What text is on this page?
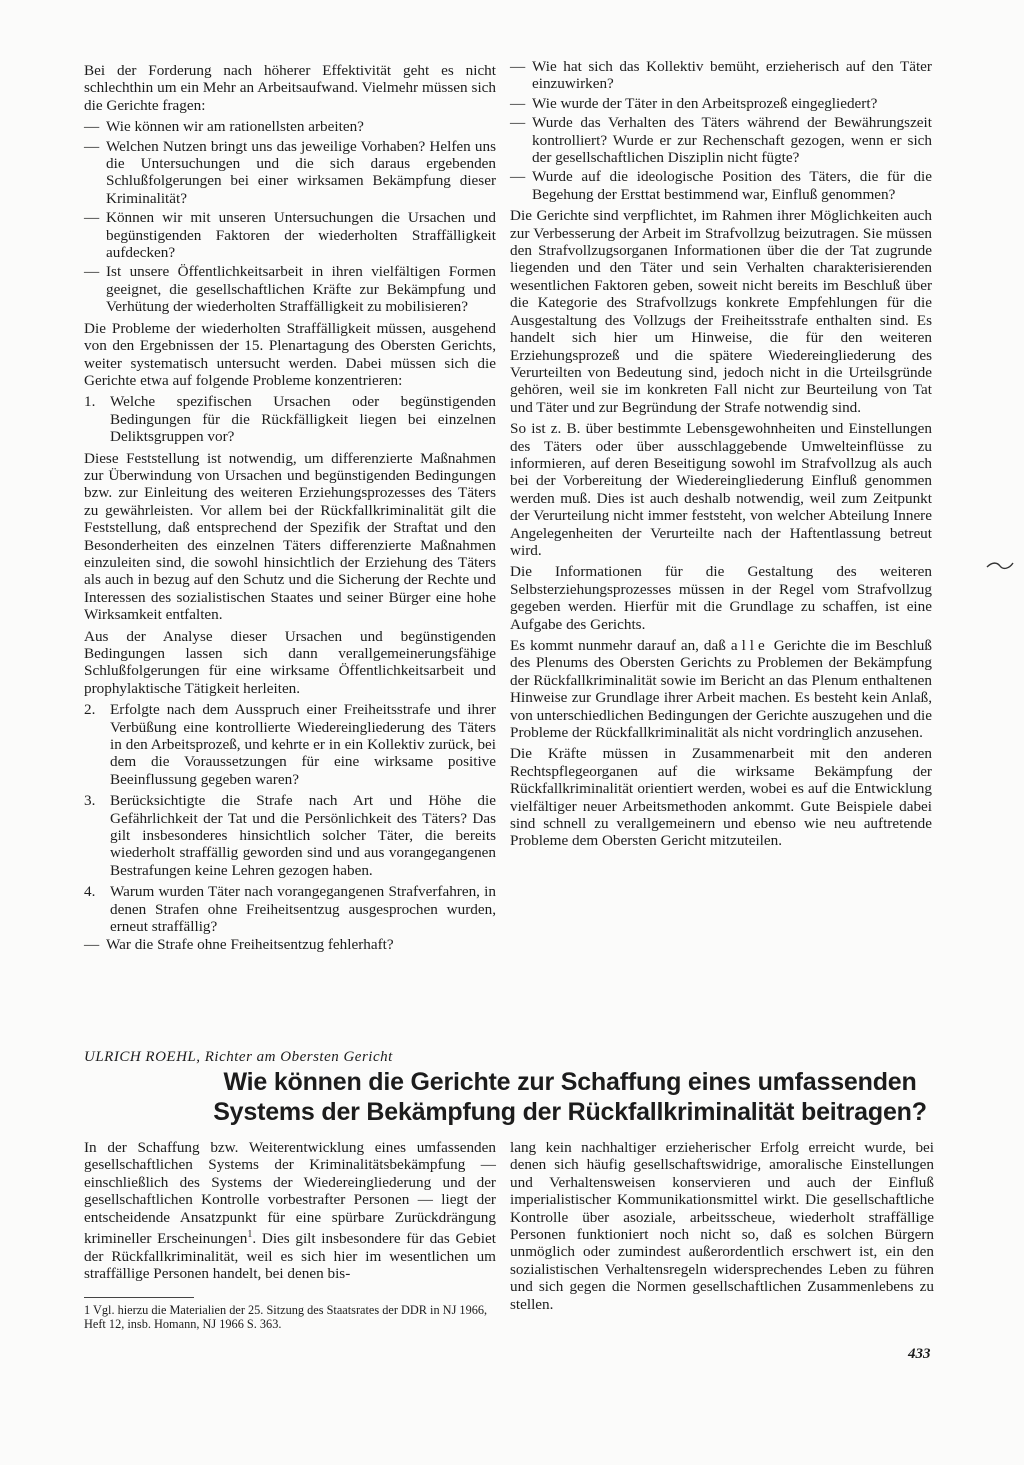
Bei der Forderung nach höherer Effektivität geht es nicht schlechthin um ein Mehr an Arbeitsaufwand. Vielmehr müssen sich die Gerichte fragen:

— Wie können wir am rationellsten arbeiten?
— Welchen Nutzen bringt uns das jeweilige Vorhaben? Helfen uns die Untersuchungen und die sich daraus ergebenden Schlußfolgerungen bei einer wirksamen Bekämpfung dieser Kriminalität?
— Können wir mit unseren Untersuchungen die Ursachen und begünstigenden Faktoren der wiederholten Straffälligkeit aufdecken?
— Ist unsere Öffentlichkeitsarbeit in ihren vielfältigen Formen geeignet, die gesellschaftlichen Kräfte zur Bekämpfung und Verhütung der wiederholten Straffälligkeit zu mobilisieren?

Die Probleme der wiederholten Straffälligkeit müssen, ausgehend von den Ergebnissen der 15. Plenartagung des Obersten Gerichts, weiter systematisch untersucht werden. Dabei müssen sich die Gerichte etwa auf folgende Probleme konzentrieren:

1. Welche spezifischen Ursachen oder begünstigenden Bedingungen für die Rückfälligkeit liegen bei einzelnen Deliktsgruppen vor?

Diese Feststellung ist notwendig, um differenzierte Maßnahmen zur Überwindung von Ursachen und begünstigenden Bedingungen bzw. zur Einleitung des weiteren Erziehungsprozesses des Täters zu gewährleisten. Vor allem bei der Rückfallkriminalität gilt die Feststellung, daß entsprechend der Spezifik der Straftat und den Besonderheiten des einzelnen Täters differenzierte Maßnahmen einzuleiten sind, die sowohl hinsichtlich der Erziehung des Täters als auch in bezug auf den Schutz und die Sicherung der Rechte und Interessen des sozialistischen Staates und seiner Bürger eine hohe Wirksamkeit entfalten.

Aus der Analyse dieser Ursachen und begünstigenden Bedingungen lassen sich dann verallgemeinerungsfähige Schlußfolgerungen für eine wirksame Öffentlichkeitsarbeit und prophylaktische Tätigkeit herleiten.

2. Erfolgte nach dem Ausspruch einer Freiheitsstrafe und ihrer Verbüßung eine kontrollierte Wiedereingliederung des Täters in den Arbeitsprozeß, und kehrte er in ein Kollektiv zurück, bei dem die Voraussetzungen für eine wirksame positive Beeinflussung gegeben waren?
3. Berücksichtigte die Strafe nach Art und Höhe die Gefährlichkeit der Tat und die Persönlichkeit des Täters? Das gilt insbesonderes hinsichtlich solcher Täter, die bereits wiederholt straffällig geworden sind und aus vorangegangenen Bestrafungen keine Lehren gezogen haben.
4. Warum wurden Täter nach vorangegangenen Strafverfahren, in denen Strafen ohne Freiheitsentzug ausgesprochen wurden, erneut straffällig?
— War die Strafe ohne Freiheitsentzug fehlerhaft?
— Wie hat sich das Kollektiv bemüht, erzieherisch auf den Täter einzuwirken?
— Wie wurde der Täter in den Arbeitsprozeß eingegliedert?
— Wurde das Verhalten des Täters während der Bewährungszeit kontrolliert? Wurde er zur Rechenschaft gezogen, wenn er sich der gesellschaftlichen Disziplin nicht fügte?
— Wurde auf die ideologische Position des Täters, die für die Begehung der Ersttat bestimmend war, Einfluß genommen?

Die Gerichte sind verpflichtet, im Rahmen ihrer Möglichkeiten auch zur Verbesserung der Arbeit im Strafvollzug beizutragen. Sie müssen den Strafvollzugsorganen Informationen über die der Tat zugrunde liegenden und den Täter und sein Verhalten charakterisierenden wesentlichen Faktoren geben, soweit nicht bereits im Beschluß über die Kategorie des Strafvollzugs konkrete Empfehlungen für die Ausgestaltung des Vollzugs der Freiheitsstrafe enthalten sind. Es handelt sich hier um Hinweise, die für den weiteren Erziehungsprozeß und die spätere Wiedereingliederung des Verurteilten von Bedeutung sind, jedoch nicht in die Urteilsgründe gehören, weil sie im konkreten Fall nicht zur Beurteilung von Tat und Täter und zur Begründung der Strafe notwendig sind.

So ist z. B. über bestimmte Lebensgewohnheiten und Einstellungen des Täters oder über ausschlaggebende Umwelteinflüsse zu informieren, auf deren Beseitigung sowohl im Strafvollzug als auch bei der Vorbereitung der Wiedereingliederung Einfluß genommen werden muß. Dies ist auch deshalb notwendig, weil zum Zeitpunkt der Verurteilung nicht immer feststeht, von welcher Abteilung Innere Angelegenheiten der Verurteilte nach der Haftentlassung betreut wird.

Die Informationen für die Gestaltung des weiteren Selbsterziehungsprozesses müssen in der Regel vom Strafvollzug gegeben werden. Hierfür mit die Grundlage zu schaffen, ist eine Aufgabe des Gerichts.

Es kommt nunmehr darauf an, daß alle Gerichte die im Beschluß des Plenums des Obersten Gerichts zu Problemen der Bekämpfung der Rückfallkriminalität sowie im Bericht an das Plenum enthaltenen Hinweise zur Grundlage ihrer Arbeit machen. Es besteht kein Anlaß, von unterschiedlichen Bedingungen der Gerichte auszugehen und die Probleme der Rückfallkriminalität als nicht vordringlich anzusehen.

Die Kräfte müssen in Zusammenarbeit mit den anderen Rechtspflegeorganen auf die wirksame Bekämpfung der Rückfallkriminalität orientiert werden, wobei es auf die Entwicklung vielfältiger neuer Arbeitsmethoden ankommt. Gute Beispiele dabei sind schnell zu verallgemeinern und ebenso wie neu auftretende Probleme dem Obersten Gericht mitzuteilen.

ULRICH ROEHL, Richter am Obersten Gericht
Wie können die Gerichte zur Schaffung eines umfassenden Systems der Bekämpfung der Rückfallkriminalität beitragen?

In der Schaffung bzw. Weiterentwicklung eines umfassenden gesellschaftlichen Systems der Kriminalitätsbekämpfung — einschließlich des Systems der Wiedereingliederung und der gesellschaftlichen Kontrolle vorbestrafter Personen — liegt der entscheidende Ansatzpunkt für eine spürbare Zurückdrängung krimineller Erscheinungen$^1$. Dies gilt insbesondere für das Gebiet der Rückfallkriminalität, weil es sich hier im wesentlichen um straffällige Personen handelt, bei denen bis-

1 Vgl. hierzu die Materialien der 25. Sitzung des Staatsrates der DDR in NJ 1966, Heft 12, insb. Homann, NJ 1966 S. 363.

lang kein nachhaltiger erzieherischer Erfolg erreicht wurde, bei denen sich häufig gesellschaftswidrige, amoralische Einstellungen und Verhaltensweisen konservieren und auch der Einfluß imperialistischer Kommunikationsmittel wirkt. Die gesellschaftliche Kontrolle über asoziale, arbeitsscheue, wiederholt straffällige Personen funktioniert noch nicht so, daß es solchen Bürgern unmöglich oder zumindest außerordentlich erschwert ist, ein den sozialistischen Verhaltensregeln widersprechendes Leben zu führen und sich gegen die Normen gesellschaftlichen Zusammenlebens zu stellen.

433
